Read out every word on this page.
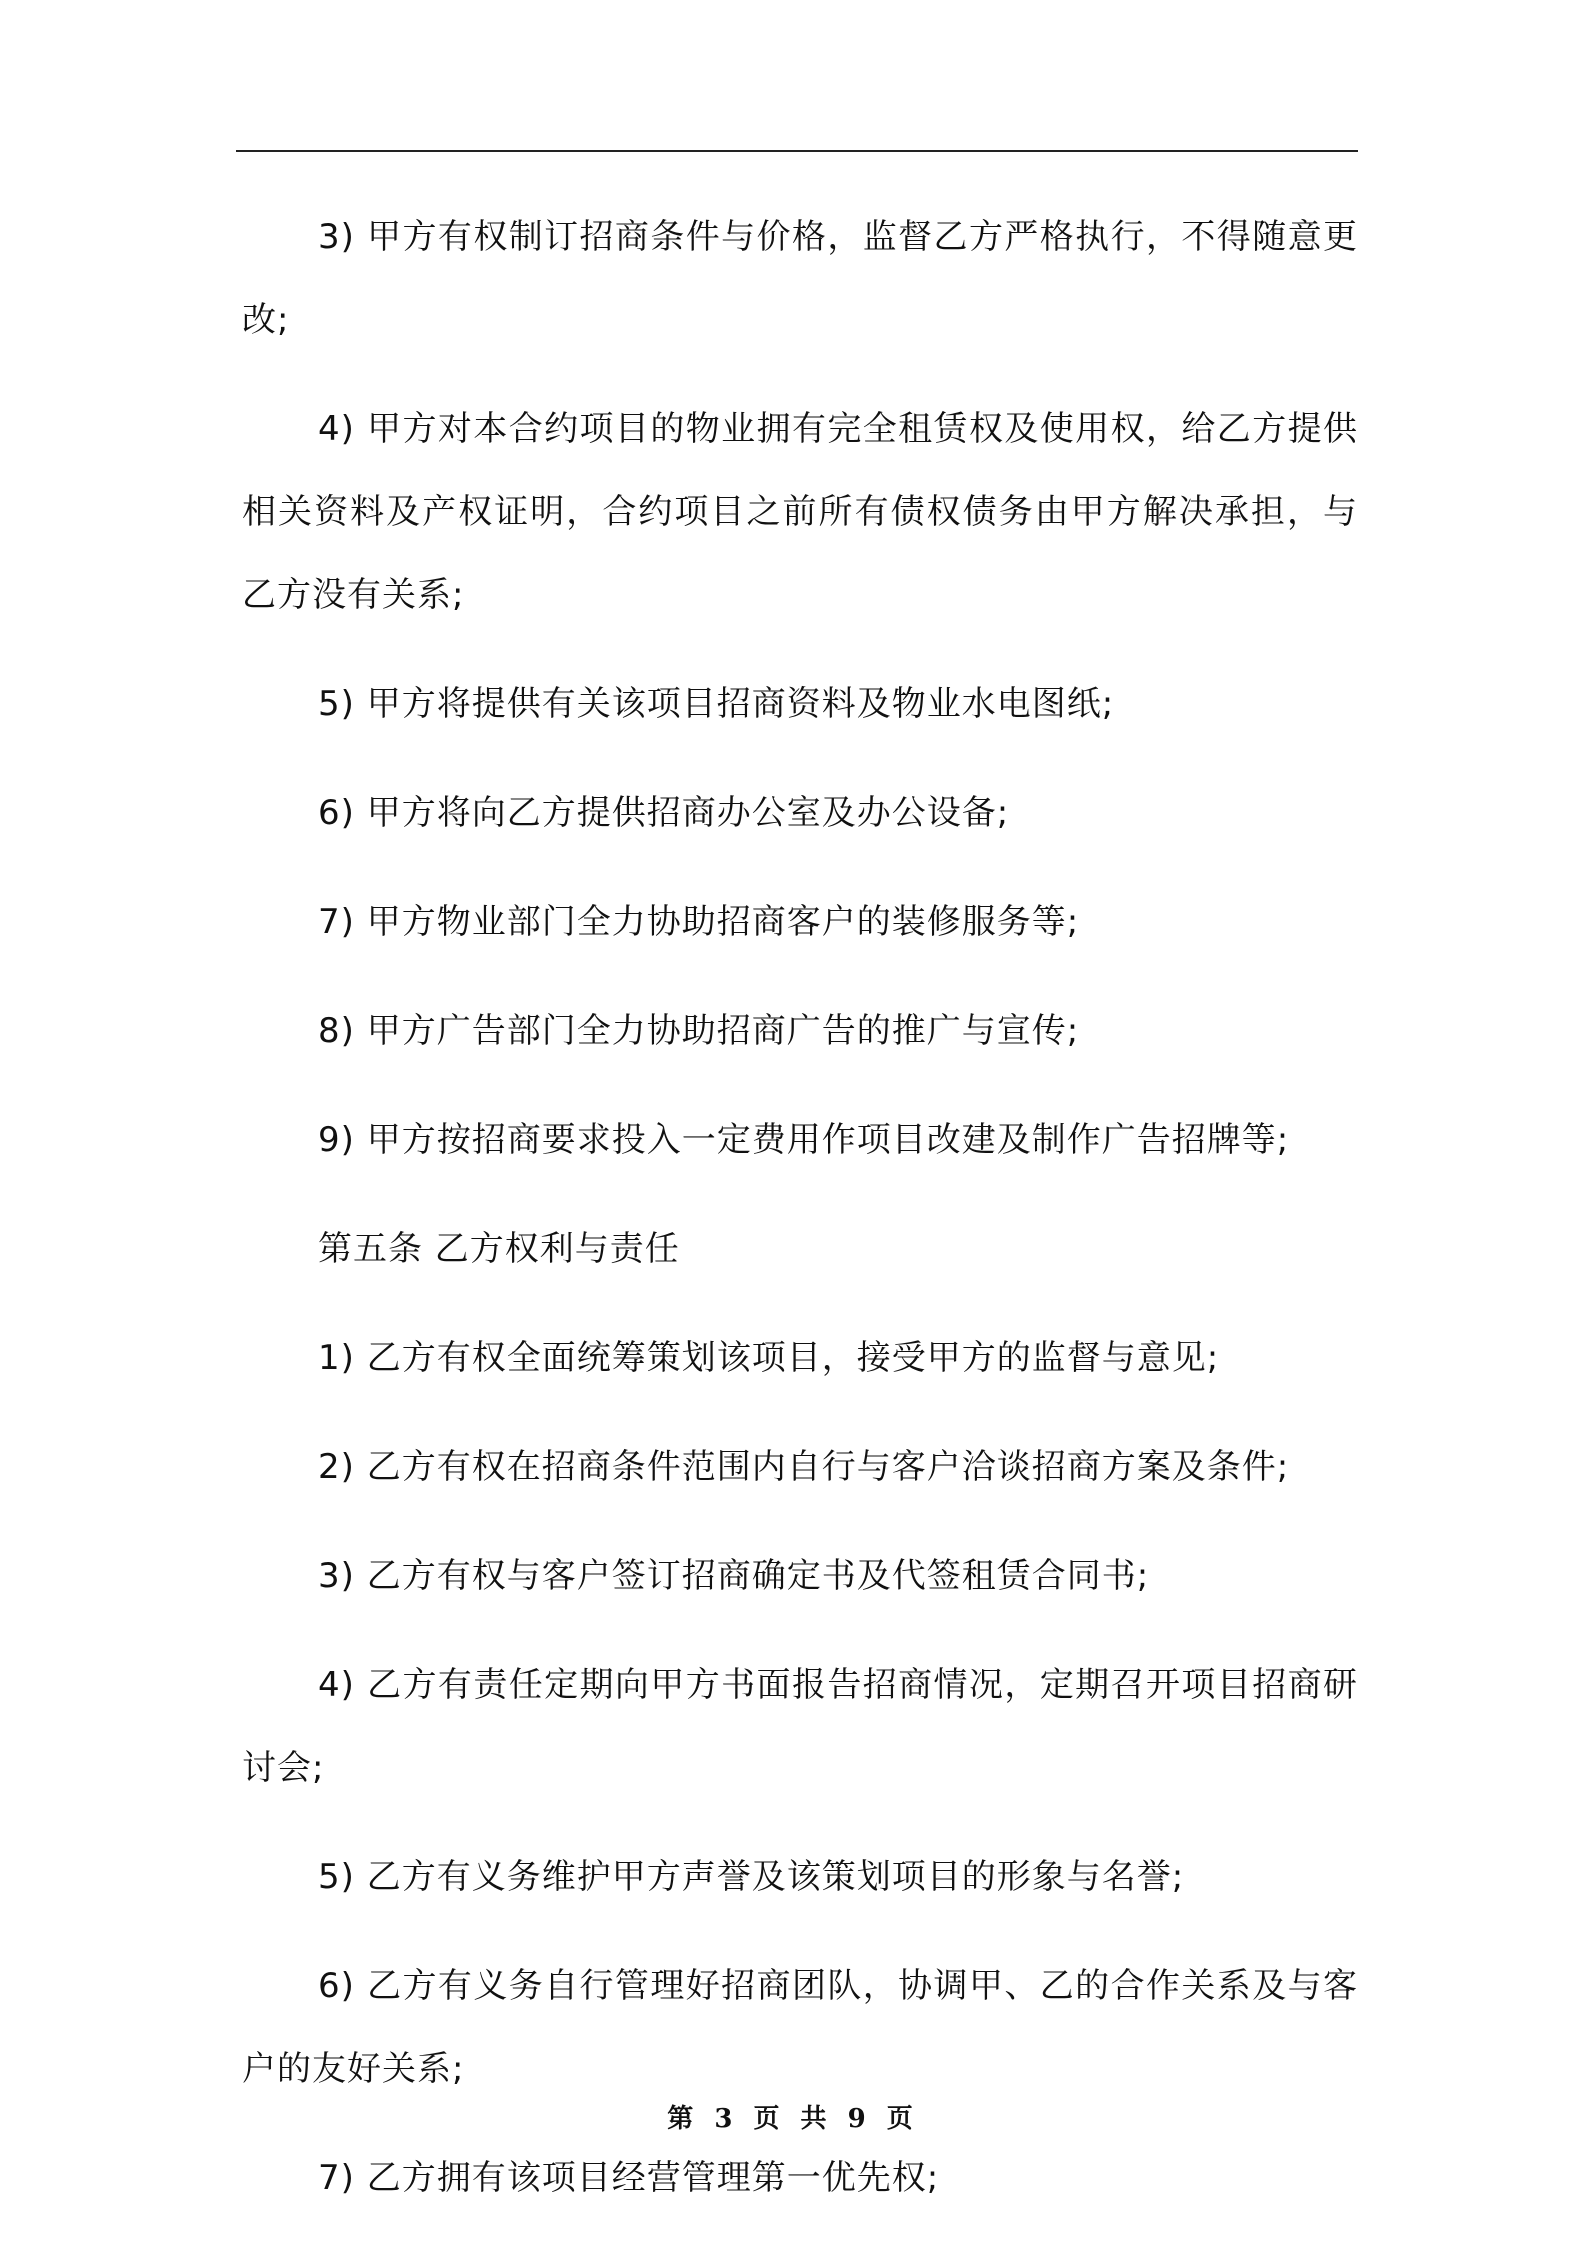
3) 甲方有权制订招商条件与价格，监督乙方严格执行，不得随意更改;

4) 甲方对本合约项目的物业拥有完全租赁权及使用权，给乙方提供相关资料及产权证明，合约项目之前所有债权债务由甲方解决承担，与乙方没有关系;

5) 甲方将提供有关该项目招商资料及物业水电图纸;

6) 甲方将向乙方提供招商办公室及办公设备;

7) 甲方物业部门全力协助招商客户的装修服务等;

8) 甲方广告部门全力协助招商广告的推广与宣传;

9) 甲方按招商要求投入一定费用作项目改建及制作广告招牌等;

第五条 乙方权利与责任

1) 乙方有权全面统筹策划该项目，接受甲方的监督与意见;

2) 乙方有权在招商条件范围内自行与客户洽谈招商方案及条件;

3) 乙方有权与客户签订招商确定书及代签租赁合同书;

4) 乙方有责任定期向甲方书面报告招商情况，定期召开项目招商研讨会;

5) 乙方有义务维护甲方声誉及该策划项目的形象与名誉;

6) 乙方有义务自行管理好招商团队，协调甲、乙的合作关系及与客户的友好关系;

7) 乙方拥有该项目经营管理第一优先权;

第 3 页 共 9 页
